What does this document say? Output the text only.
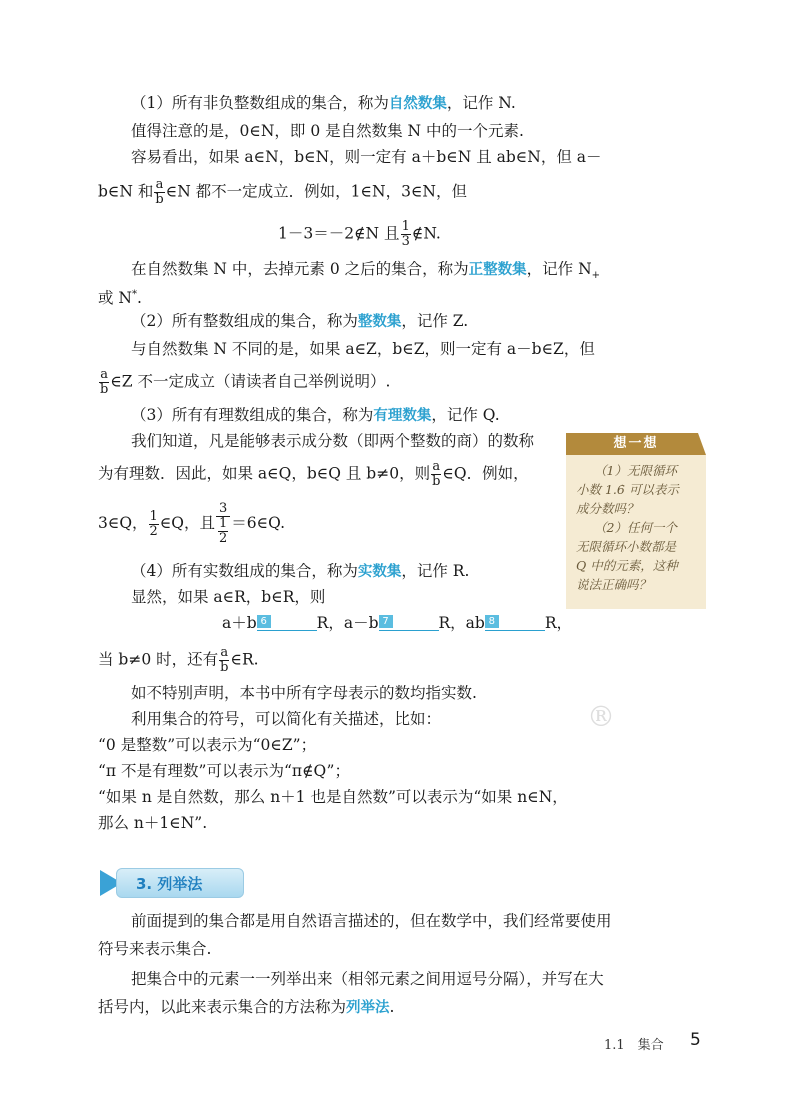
（1）所有非负整数组成的集合，称为自然数集，记作 N.
值得注意的是，0∈N，即 0 是自然数集 N 中的一个元素.
容易看出，如果 a∈N，b∈N，则一定有 a＋b∈N 且 ab∈N，但 a－
b∈N 和 $\frac{a}{b}$ ∈N 都不一定成立．例如，1∈N，3∈N，但
1－3＝－2∉N 且 $\frac{1}{3}$ ∉N.
在自然数集 N 中，去掉元素 0 之后的集合，称为正整数集，记作 $N_+$
或 N*.
（2）所有整数组成的集合，称为整数集，记作 Z.
与自然数集 N 不同的是，如果 a∈Z，b∈Z，则一定有 a－b∈Z，但
$\frac{a}{b}$ ∈Z 不一定成立（请读者自己举例说明）.
（3）所有有理数组成的集合，称为有理数集，记作 Q.
我们知道，凡是能够表示成分数（即两个整数的商）的数称
为有理数．因此，如果 a∈Q，b∈Q 且 b≠0，则 $\frac{a}{b}$ ∈Q．例如，
3∈Q， $\frac{1}{2}$ ∈Q，且 $\frac{3}{\frac{1}{2}}$ ＝6∈Q.
（4）所有实数组成的集合，称为实数集，记作 R.
显然，如果 a∈R，b∈R，则
a＋b 6	R，a－b 7	R，ab 8	R，
当 b≠0 时，还有 $\frac{a}{b}$ ∈R.
如不特别声明，本书中所有字母表示的数均指实数.
利用集合的符号，可以简化有关描述，比如：
“0 是整数”可以表示为“0∈Z”；
“π 不是有理数”可以表示为“π∉Q”；
“如果 n 是自然数，那么 n＋1 也是自然数”可以表示为“如果 n∈N，
那么 n＋1∈N”.
想一想

（1）无限循环

小数 1.6̇ 可以表示

成分数吗？

（2）任何一个

无限循环小数都是

Q 中的元素，这种

说法正确吗？

®
3. 列举法
前面提到的集合都是用自然语言描述的，但在数学中，我们经常要使用
符号来表示集合.
把集合中的元素一一列举出来（相邻元素之间用逗号分隔），并写在大
括号内，以此来表示集合的方法称为列举法.
1.1　集合 5
